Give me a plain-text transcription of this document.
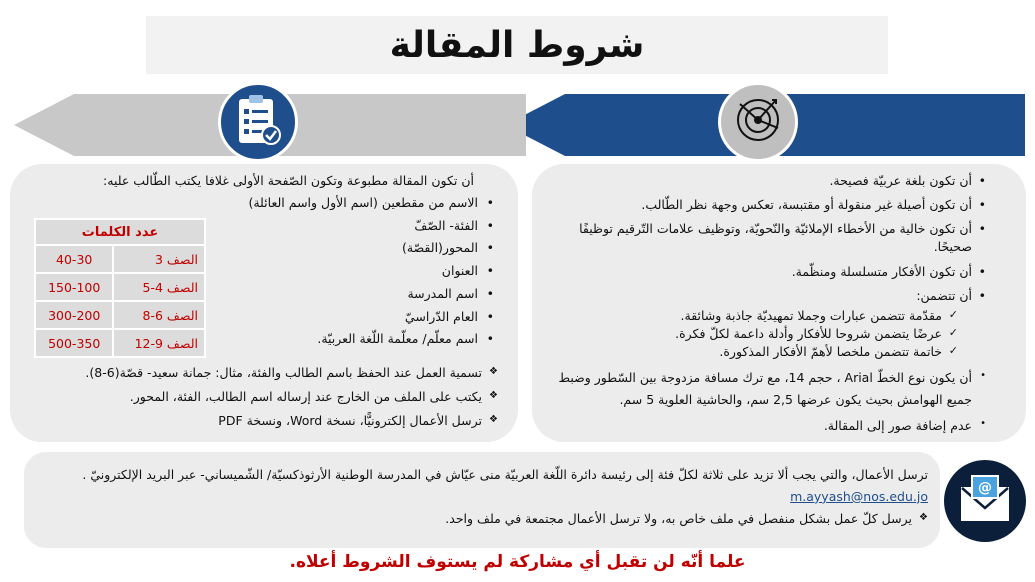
شروط المقالة
• أن تكون بلغة عربيّة فصيحة.
• أن تكون أصيلة غير منقولة أو مقتبسة، تعكس وجهة نظر الطّالب.
• أن تكون خالية من الأخطاء الإملائيّة والنّحويّة، وتوظيف علامات التّرقيم توظيفًا صحيحًا.
• أن تكون الأفكار متسلسلة ومنظّمة.
• أن تتضمن:
✓ مقدّمة تتضمن عبارات وجملا تمهيديّة جاذبة وشائقة.
✓ عرضًا يتضمن شروحا للأفكار وأدلة داعمة لكلّ فكرة.
✓ خاتمة تتضمن ملخصا لأهمّ الأفكار المذكورة.
• أن يكون نوع الخطّ Arial ، حجم 14، مع ترك مسافة مزدوجة بين السّطور وضبط جميع الهوامش بحيث يكون عرضها 2,5 سم، والحاشية العلوية 5 سم.
• عدم إضافة صور إلى المقالة.
أن تكون المقالة مطبوعة وتكون الصّفحة الأولى غلافا يكتب الطّالب عليه:
• الاسم من مقطعين (اسم الأول واسم العائلة)
• الفئة- الصّفّ
• المحور(القصّة)
• العنوان
• اسم المدرسة
• العام الدّراسيّ
• اسم معلّم/ معلّمة اللّغة العربيّة.
عدد الكلمات	
الصف 3	40-30
الصف 4-5	150-100
الصف 6-8	300-200
الصف 9-12	500-350
❖ تسمية العمل عند الحفظ باسم الطالب والفئة، مثال: جمانة سعيد- قصّة(6-8).
❖ يكتب على الملف من الخارج عند إرساله اسم الطالب، الفئة، المحور.
❖ ترسل الأعمال إلكترونيًّا، نسخة Word، ونسخة PDF
ترسل الأعمال، والتي يجب ألا تزيد على ثلاثة لكلّ فئة إلى رئيسة دائرة اللّغة العربيّة منى عيّاش في المدرسة الوطنية الأرثوذكسيّة/ الشّميساني- عبر البريد الإلكترونيّ . m.ayyash@nos.edu.jo
❖ يرسل كلّ عمل بشكل منفصل في ملف خاص به، ولا ترسل الأعمال مجتمعة في ملف واحد.
@
علما أنّه لن تقبل أي مشاركة لم يستوف الشروط أعلاه.
